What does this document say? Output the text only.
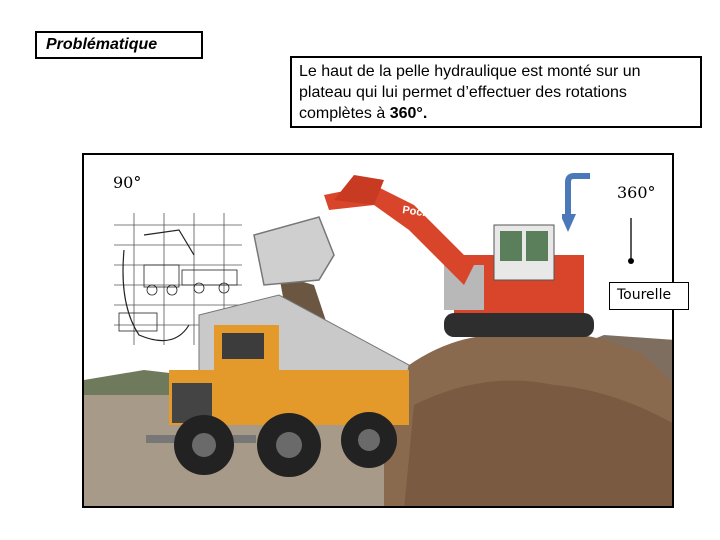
Problématique
Le haut de la pelle hydraulique est monté sur un
plateau qui lui permet d’effectuer des rotations
complètes à 360°.
Poclain
90°
360°
Tourelle
